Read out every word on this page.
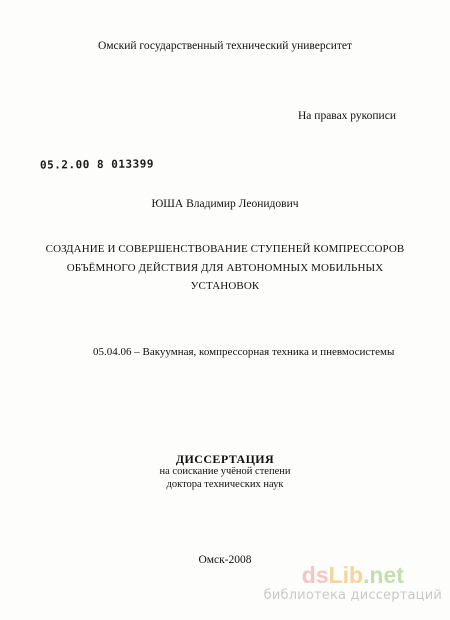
Омский государственный технический университет
На правах рукописи
05.2.00 8 013399
ЮША Владимир Леонидович
СОЗДАНИЕ И СОВЕРШЕНСТВОВАНИЕ СТУПЕНЕЙ КОМПРЕССОРОВ
ОБЪЁМНОГО ДЕЙСТВИЯ ДЛЯ АВТОНОМНЫХ МОБИЛЬНЫХ
УСТАНОВОК
05.04.06 – Вакуумная, компрессорная техника и пневмосистемы
ДИССЕРТАЦИЯ
на соискание учёной степени
доктора технических наук
Омск-2008
dsLib.net
библиотека диссертаций
